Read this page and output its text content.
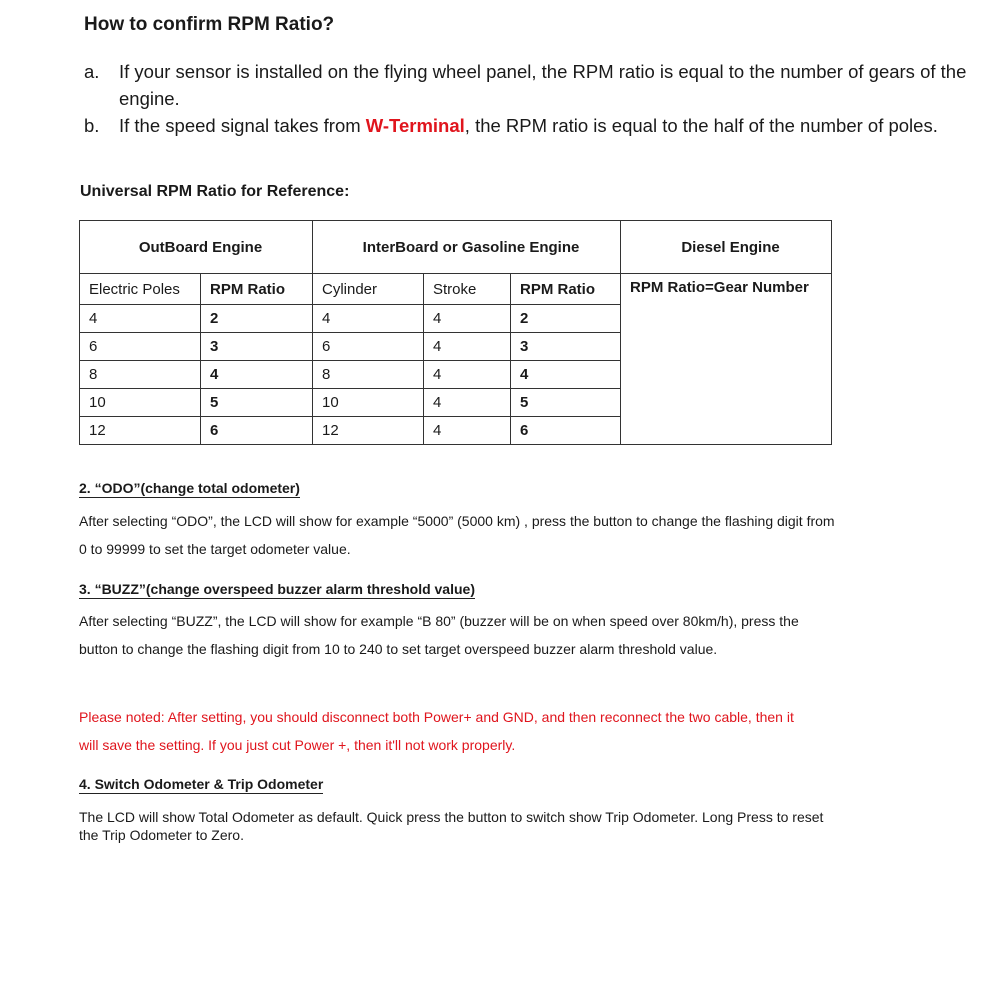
How to confirm RPM Ratio?
a. If your sensor is installed on the flying wheel panel, the RPM ratio is equal to the number of gears of the engine.
b.	If the speed signal takes from W-Terminal, the RPM ratio is equal to the half of the number of poles.
Universal RPM Ratio for Reference:
OutBoard Engine		InterBoard or Gasoline Engine			Diesel Engine
Electric Poles	RPM Ratio	Cylinder	Stroke	RPM Ratio	RPM Ratio=Gear Number
4	2	4	4	2	
6	3	6	4	3	
8	4	8	4	4	
10	5	10	4	5	
12	6	12	4	6	
2. “ODO”(change total odometer)
After selecting “ODO”, the LCD will show for example “5000” (5000 km) , press the button to change the flashing digit from 0 to 99999 to set the target odometer value.
3. “BUZZ”(change overspeed buzzer alarm threshold value)
After selecting “BUZZ”, the LCD will show for example “B 80” (buzzer will be on when speed over 80km/h), press the button to change the flashing digit from 10 to 240 to set target overspeed buzzer alarm threshold value.
Please noted: After setting, you should disconnect both Power+ and GND, and then reconnect the two cable, then it will save the setting. If you just cut Power +, then it'll not work properly.
4. Switch Odometer & Trip Odometer
The LCD will show Total Odometer as default. Quick press the button to switch show Trip Odometer. Long Press to reset the Trip Odometer to Zero.
